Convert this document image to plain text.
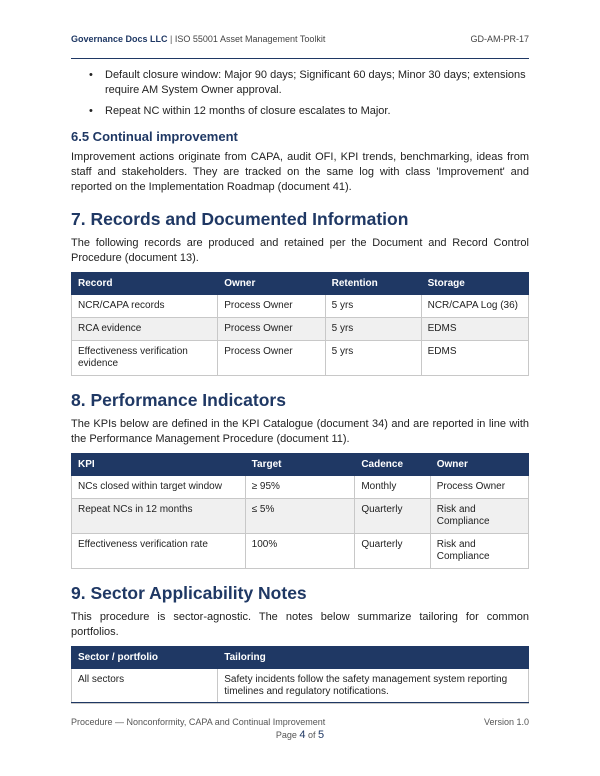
Governance Docs LLC | ISO 55001 Asset Management Toolkit	GD-AM-PR-17
• Default closure window: Major 90 days; Significant 60 days; Minor 30 days; extensions require AM System Owner approval.
• Repeat NC within 12 months of closure escalates to Major.
6.5 Continual improvement

Improvement actions originate from CAPA, audit OFI, KPI trends, benchmarking, ideas from staff and stakeholders. They are tracked on the same log with class 'Improvement' and reported on the Implementation Roadmap (document 41).

7. Records and Documented Information

The following records are produced and retained per the Document and Record Control Procedure (document 13).

Record	Owner	Retention	Storage
NCR/CAPA records	Process Owner	5 yrs	NCR/CAPA Log (36)
RCA evidence	Process Owner	5 yrs	EDMS
Effectiveness verification evidence	Process Owner	5 yrs	EDMS
8. Performance Indicators

The KPIs below are defined in the KPI Catalogue (document 34) and are reported in line with the Performance Management Procedure (document 11).

KPI	Target	Cadence	Owner
NCs closed within target window	≥ 95%	Monthly	Process Owner
Repeat NCs in 12 months	≤ 5%	Quarterly	Risk and Compliance
Effectiveness verification rate	100%	Quarterly	Risk and Compliance
9. Sector Applicability Notes

This procedure is sector-agnostic. The notes below summarize tailoring for common portfolios.

Sector / portfolio	Tailoring
All sectors	Safety incidents follow the safety management system reporting timelines and regulatory notifications.
Procedure — Nonconformity, CAPA and Continual Improvement	Version 1.0
Page 4 of 5
